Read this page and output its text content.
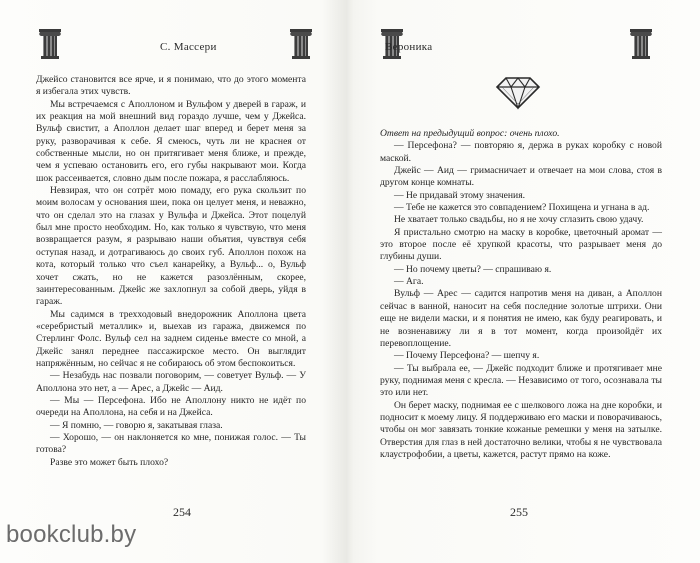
С. Массери

Джейсо становится все ярче, и я понимаю, что до этого момента я избегала этих чувств.

Мы встречаемся с Аполлоном и Вульфом у дверей в гараж, и их реакция на мой внешний вид гораздо лучше, чем у Джейса. Вульф свистит, а Аполлон делает шаг вперед и берет меня за руку, разворачивая к себе. Я смеюсь, чуть ли не краснея от собственные мысли, но он притягивает меня ближе, и прежде, чем я успеваю остановить его, его губы накрывают мои. Когда шок рассеивается, словно дым после пожара, я расслабляюсь.

Невзирая, что он сотрёт мою помаду, его рука скользит по моим волосам у основания шеи, пока он целует меня, и неважно, что он сделал это на глазах у Вульфа и Джейса. Этот поцелуй был мне просто необходим. Но, как только я чувствую, что меня возвращается разум, я разрываю наши объятия, чувствуя себя оступая назад, и дотрагиваюсь до своих губ. Аполлон похож на кота, который только что съел канарейку, а Вульф... о, Вульф хочет сжать, но не кажется разозлённым, скорее, заинтересованным. Джейс же захлопнул за собой дверь, уйдя в гараж.

Мы садимся в трехходовый внедорожник Аполлона цвета «серебристый металлик» и, выехав из гаража, движемся по Стерлинг Фолс. Вульф сел на заднем сиденье вместе со мной, а Джейс занял переднее пассажирское место. Он выглядит напряжённым, но сейчас я не собираюсь об этом беспокоиться.

— Незабудь нас позвали поговорим, — советует Вульф. — У Аполлона это нет, а — Арес, а Джейс — Аид.

— Мы — Персефона. Ибо не Аполлону никто не идёт по очереди на Аполлона, на себя и на Джейса.

— Я помню, — говорю я, закатывая глаза.

— Хорошо, — он наклоняется ко мне, понижая голос. — Ты готова?

Разве это может быть плохо?

254
Вероника

Ответ на предыдущий вопрос: очень плохо.

— Персефона? — повторяю я, держа в руках коробку с новой маской.

Джейс — Аид — гримасничает и отвечает на мои слова, стоя в другом конце комнаты.

— Не придавай этому значения.

— Тебе не кажется это совпадением? Похищена и угнана в ад.

Не хватает только свадьбы, но я не хочу сглазить свою удачу.

Я пристально смотрю на маску в коробке, цветочный аромат — это второе после её хрупкой красоты, что разрывает меня до глубины души.

— Но почему цветы? — спрашиваю я.

— Ага.

Вульф — Арес — садится напротив меня на диван, а Аполлон сейчас в ванной, наносит на себя последние золотые штрихи. Они еще не видели маски, и я понятия не имею, как буду реагировать, и не возненавижу ли я в тот момент, когда произойдёт их перевоплощение.

— Почему Персефона? — шепчу я.

— Ты выбрала ее, — Джейс подходит ближе и протягивает мне руку, поднимая меня с кресла. — Независимо от того, осознавала ты это или нет.

Он берет маску, поднимая ее с шелкового ложа на дне коробки, и подносит к моему лицу. Я поддерживаю его маски и поворачиваюсь, чтобы он мог завязать тонкие кожаные ремешки у меня на затылке. Отверстия для глаз в ней достаточно велики, чтобы я не чувствовала клаустрофобии, а цветы, кажется, растут прямо на коже.

255
bookclub.by
